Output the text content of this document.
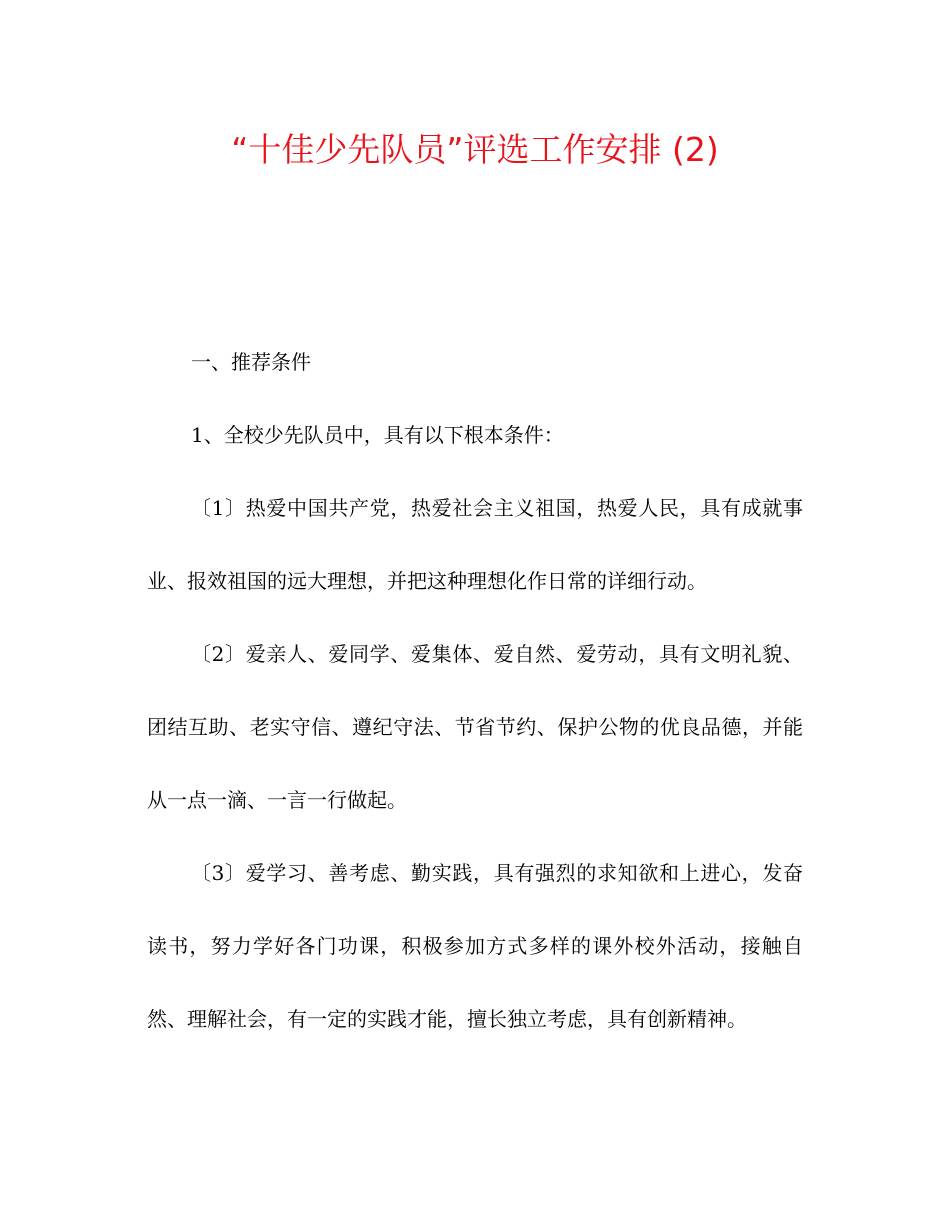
“十佳少先队员”评选工作安排 (2)

一、推荐条件

1、全校少先队员中，具有以下根本条件：

〔1〕热爱中国共产党，热爱社会主义祖国，热爱人民，具有成就事业、报效祖国的远大理想，并把这种理想化作日常的详细行动。

〔2〕爱亲人、爱同学、爱集体、爱自然、爱劳动，具有文明礼貌、团结互助、老实守信、遵纪守法、节省节约、保护公物的优良品德，并能从一点一滴、一言一行做起。

〔3〕爱学习、善考虑、勤实践，具有强烈的求知欲和上进心，发奋读书，努力学好各门功课，积极参加方式多样的课外校外活动，接触自然、理解社会，有一定的实践才能，擅长独立考虑，具有创新精神。
